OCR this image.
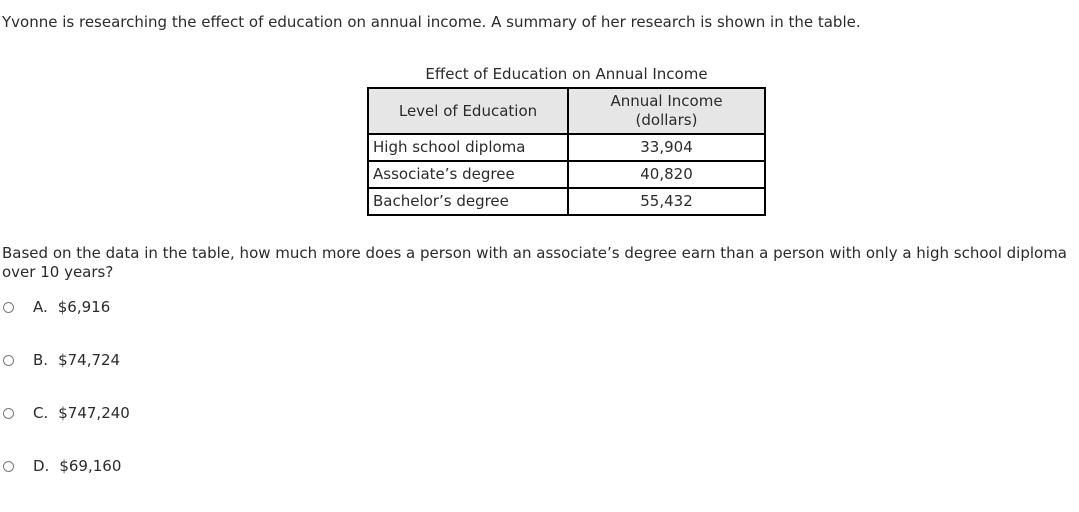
Yvonne is researching the effect of education on annual income. A summary of her research is shown in the table.
Effect of Education on Annual Income
Level of Education	Annual Income
(dollars)
High school diploma	33,904
Associate’s degree	40,820
Bachelor’s degree	55,432
Based on the data in the table, how much more does a person with an associate’s degree earn than a person with only a high school diploma over 10 years?
A. $6,916
B. $74,724
C. $747,240
D. $69,160
